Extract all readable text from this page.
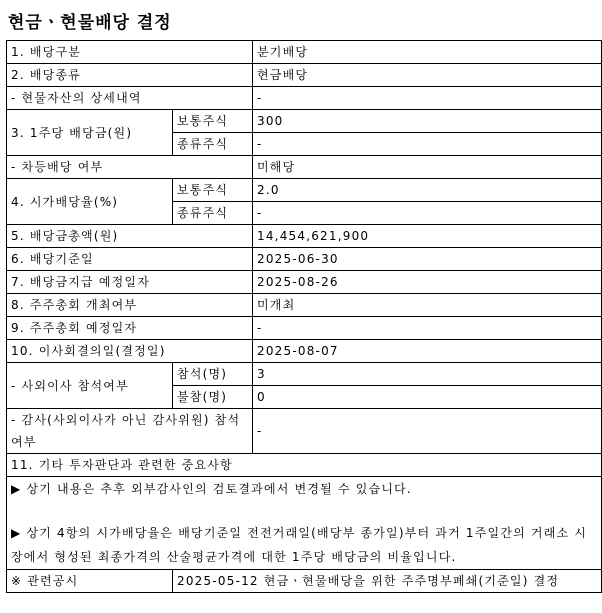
현금ㆍ현물배당 결정
1. 배당구분		분기배당
2. 배당종류		현금배당
- 현물자산의 상세내역		-
3. 1주당 배당금(원)	보통주식	300
	종류주식	-
- 차등배당 여부		미해당
4. 시가배당율(%)	보통주식	2.0
	종류주식	-
5. 배당금총액(원)		14,454,621,900
6. 배당기준일		2025-06-30
7. 배당금지급 예정일자		2025-08-26
8. 주주총회 개최여부		미개최
9. 주주총회 예정일자		-
10. 이사회결의일(결정일)		2025-08-07
- 사외이사 참석여부	참석(명)	3
	불참(명)	0
- 감사(사외이사가 아닌 감사위원) 참석여부		-
11. 기타 투자판단과 관련한 중요사항		

▶ 상기 내용은 추후 외부감사인의 검토결과에서 변경될 수 있습니다.
▶ 상기 4항의 시가배당율은 배당기준일 전전거래일(배당부 종가일)부터 과거 1주일간의 거래소 시장에서 형성된 최종가격의 산술평균가격에 대한 1주당 배당금의 비율입니다.		

※ 관련공시	2025-05-12 현금ㆍ현물배당을 위한 주주명부폐쇄(기준일) 결정	
